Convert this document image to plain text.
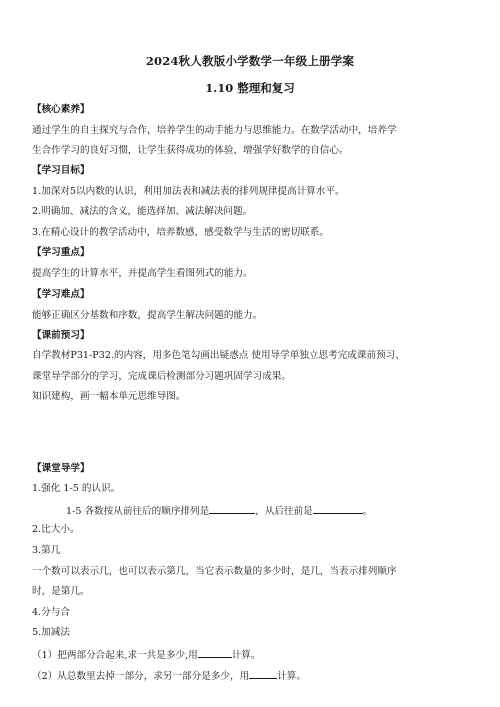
2024秋人教版小学数学一年级上册学案
1.10 整理和复习
【核心素养】
通过学生的自主探究与合作，培养学生的动手能力与思维能力。在数学活动中，培养学
生合作学习的良好习惯，让学生获得成功的体验，增强学好数学的自信心。
【学习目标】
1.加深对5以内数的认识，利用加法表和减法表的排列规律提高计算水平。
2.明确加、减法的含义，能选择加、减法解决问题。
3.在精心设计的教学活动中，培养数感，感受数学与生活的密切联系。
【学习重点】
提高学生的计算水平，并提高学生看图列式的能力。
【学习难点】
能够正确区分基数和序数，提高学生解决问题的能力。
【课前预习】
自学教材P31-P32.的内容，用多色笔勾画出疑惑点 使用导学单独立思考完成课前预习、
课堂导学部分的学习，完成课后检测部分习题巩固学习成果。
知识建构，画一幅本单元思维导图。
【课堂导学】
1.强化 1-5 的认识。
1-5 各数按从前往后的顺序排列是	，从后往前是	。
2.比大小。
3.第几
一个数可以表示几，也可以表示第几，当它表示数量的多少时，是几，当表示排列顺序
时，是第几。
4.分与合
5.加减法
（1）把两部分合起来,求一共是多少,用	计算。
（2）从总数里去掉一部分，求另一部分是多少，用	计算。
